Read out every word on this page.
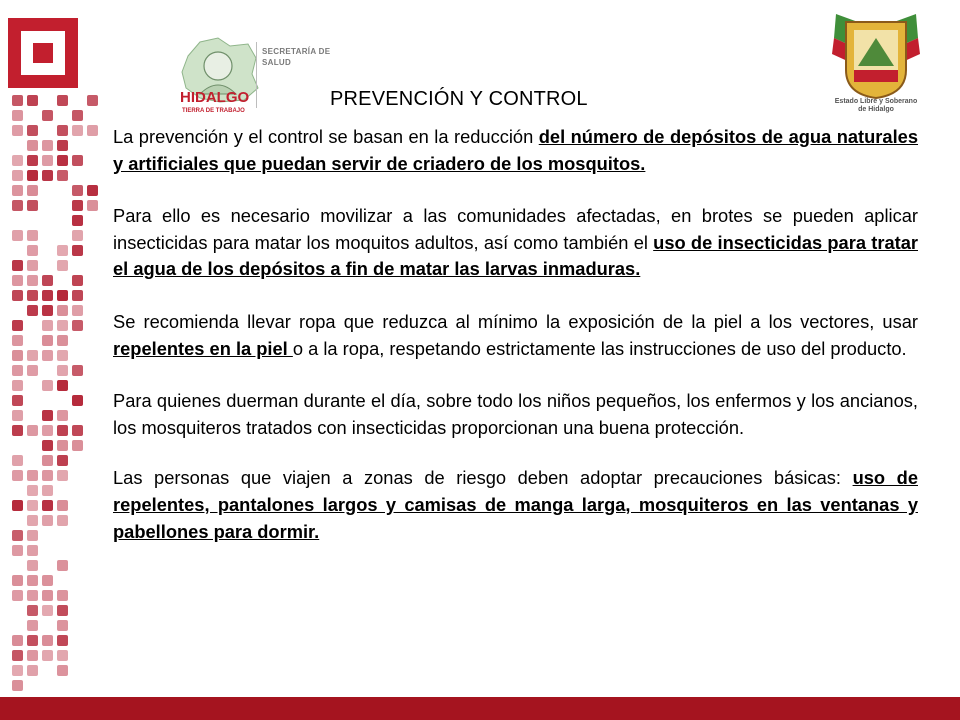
HIDALGO
TIERRA DE TRABAJO
SECRETARÍA DE
SALUD
Estado Libre y Soberano
de Hidalgo
PREVENCIÓN Y CONTROL

La prevención y el control se basan en la reducción del número de depósitos de agua naturales y artificiales que puedan servir de criadero de los mosquitos.

Para ello es necesario movilizar a las comunidades afectadas, en brotes se pueden aplicar insecticidas para matar los moquitos adultos, así como también el uso de insecticidas para tratar el agua de los depósitos a fin de matar las larvas inmaduras.

Se recomienda llevar ropa que reduzca al mínimo la exposición de la piel a los vectores, usar repelentes en la piel o a la ropa, respetando estrictamente las instrucciones de uso del producto.

Para quienes duerman durante el día, sobre todo los niños pequeños, los enfermos y los ancianos, los mosquiteros tratados con insecticidas proporcionan una buena protección.

Las personas que viajen a zonas de riesgo deben adoptar precauciones básicas: uso de repelentes, pantalones largos y camisas de manga larga, mosquiteros en las ventanas y pabellones para dormir.
